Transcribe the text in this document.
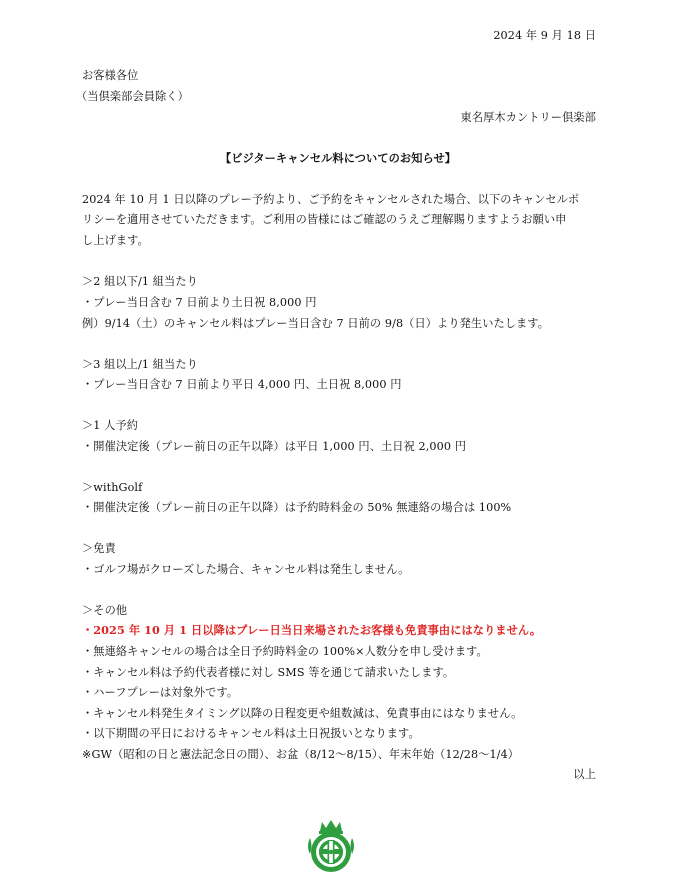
2024 年 9 月 18 日
お客様各位
（当倶楽部会員除く）
東名厚木カントリー倶楽部
【ビジターキャンセル料についてのお知らせ】
2024 年 10 月 1 日以降のプレー予約より、ご予約をキャンセルされた場合、以下のキャンセルポ
リシーを適用させていただきます。ご利用の皆様にはご確認のうえご理解賜りますようお願い申
し上げます。
＞2 組以下/1 組当たり
・プレー当日含む 7 日前より土日祝 8,000 円
例）9/14（土）のキャンセル料はプレー当日含む 7 日前の 9/8（日）より発生いたします。
＞3 組以上/1 組当たり
・プレー当日含む 7 日前より平日 4,000 円、土日祝 8,000 円
＞1 人予約
・開催決定後（プレー前日の正午以降）は平日 1,000 円、土日祝 2,000 円
＞withGolf
・開催決定後（プレー前日の正午以降）は予約時料金の 50% 無連絡の場合は 100%
＞免責
・ゴルフ場がクローズした場合、キャンセル料は発生しません。
＞その他
・2025 年 10 月 1 日以降はプレー日当日来場されたお客様も免責事由にはなりません。
・無連絡キャンセルの場合は全日予約時料金の 100%×人数分を申し受けます。
・キャンセル料は予約代表者様に対し SMS 等を通じて請求いたします。
・ハーフプレーは対象外です。
・キャンセル料発生タイミング以降の日程変更や組数減は、免責事由にはなりません。
・以下期間の平日におけるキャンセル料は土日祝扱いとなります。
※GW（昭和の日と憲法記念日の間）、お盆（8/12～8/15）、年末年始（12/28～1/4）
以上
